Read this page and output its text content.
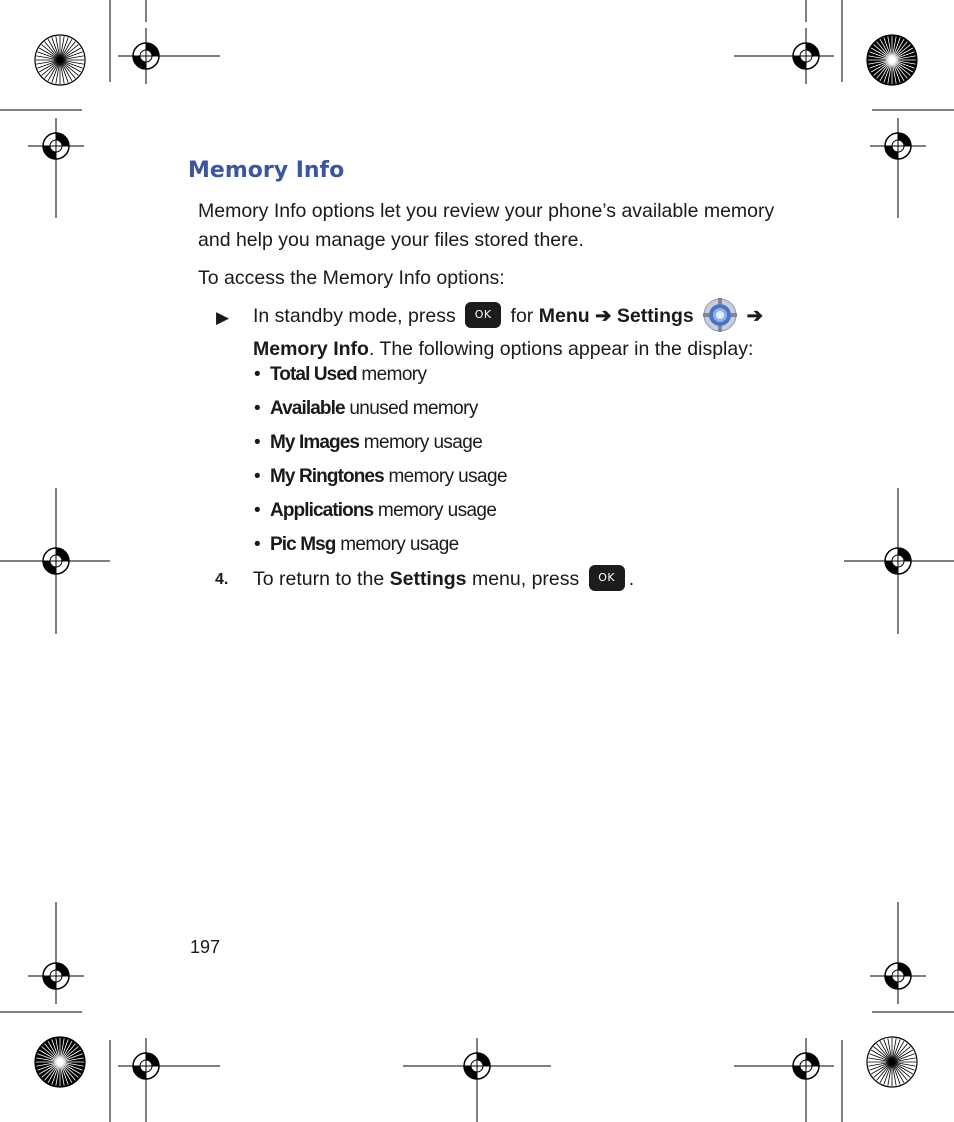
Memory Info

Memory Info options let you review your phone’s available memory and help you manage your files stored there.

To access the Memory Info options:

▶ In standby mode, press OK for Menu ➔ Settings	➔ Memory Info. The following options appear in the display:
• Total Used memory
• Available unused memory
• My Images memory usage
• My Ringtones memory usage
• Applications memory usage
• Pic Msg memory usage
4. To return to the Settings menu, press OK .
197
